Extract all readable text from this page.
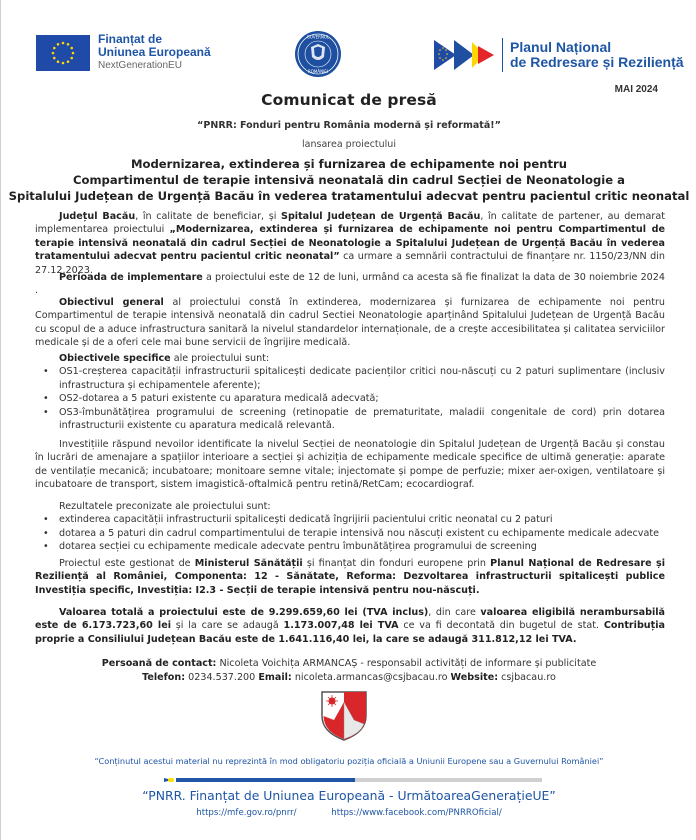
Finanțat de
Uniunea Europeană
NextGenerationEU
GUVERNUL
ROMÂNIEI
Planul Național
de Redresare și Reziliență
MAI 2024
Comunicat de presă
“PNRR: Fonduri pentru România modernă și reformată!”
lansarea proiectului
Modernizarea, extinderea și furnizarea de echipamente noi pentru
Compartimentul de terapie intensivă neonatală din cadrul Secției de Neonatologie a
Spitalului Județean de Urgență Bacău în vederea tratamentului adecvat pentru pacientul critic neonatal
Județul Bacău, în calitate de beneficiar, și Spitalul Județean de Urgență Bacău, în calitate de partener, au demarat implementarea proiectului „Modernizarea, extinderea și furnizarea de echipamente noi pentru Compartimentul de terapie intensivă neonatală din cadrul Secției de Neonatologie a Spitalului Județean de Urgență Bacău în vederea tratamentului adecvat pentru pacientul critic neonatal” ca urmare a semnării contractului de finanțare nr. 1150/23/NN din 27.12.2023.
Perioada de implementare a proiectului este de 12 de luni, urmând ca acesta să fie finalizat la data de 30 noiembrie 2024 .
Obiectivul general al proiectului constă în extinderea, modernizarea și furnizarea de echipamente noi pentru Compartimentul de terapie intensivă neonatală din cadrul Sectiei Neonatologie aparținând Spitalului Județean de Urgență Bacău cu scopul de a aduce infrastructura sanitară la nivelul standardelor internaționale, de a crește accesibilitatea și calitatea serviciilor medicale și de a oferi cele mai bune servicii de îngrijire medicală.
Obiectivele specifice ale proiectului sunt:
• OS1-creșterea capacității infrastructurii spitalicești dedicate pacienților critici nou-născuți cu 2 paturi suplimentare (inclusiv infrastructura și echipamentele aferente);
• OS2-dotarea a 5 paturi existente cu aparatura medicală adecvată;
• OS3-îmbunătățirea programului de screening (retinopatie de prematuritate, maladii congenitale de cord) prin dotarea infrastructurii existente cu aparatura medicală relevantă.
Investițiile răspund nevoilor identificate la nivelul Secției de neonatologie din Spitalul Județean de Urgență Bacău și constau în lucrări de amenajare a spațiilor interioare a secției și achiziția de echipamente medicale specifice de ultimă generație: aparate de ventilație mecanică; incubatoare; monitoare semne vitale; injectomate și pompe de perfuzie; mixer aer-oxigen, ventilatoare și incubatoare de transport, sistem imagistică-oftalmică pentru retină/RetCam; ecocardiograf.
Rezultatele preconizate ale proiectului sunt:
• extinderea capacității infrastructurii spitalicești dedicată îngrijirii pacientului critic neonatal cu 2 paturi
• dotarea a 5 paturi din cadrul compartimentului de terapie intensivă nou născuți existent cu echipamente medicale adecvate
• dotarea secției cu echipamente medicale adecvate pentru îmbunătățirea programului de screening
Proiectul este gestionat de Ministerul Sănătății și finanțat din fonduri europene prin Planul Național de Redresare și Reziliență al României, Componenta: 12 - Sănătate, Reforma: Dezvoltarea infrastructurii spitalicești publice Investiția specific, Investiția: I2.3 - Secții de terapie intensivă pentru nou-născuți.
Valoarea totală a proiectului este de 9.299.659,60 lei (TVA inclus), din care valoarea eligibilă nerambursabilă este de 6.173.723,60 lei și la care se adaugă 1.173.007,48 lei TVA ce va fi decontată din bugetul de stat. Contribuția proprie a Consiliului Județean Bacău este de 1.641.116,40 lei, la care se adaugă 311.812,12 lei TVA.
Persoană de contact: Nicoleta Voichița ARMANCAȘ - responsabil activități de informare și publicitate
Telefon: 0234.537.200 Email: nicoleta.armancas@csjbacau.ro Website: csjbacau.ro
“Conținutul acestui material nu reprezintă în mod obligatoriu poziția oficială a Uniunii Europene sau a Guvernului României”
“PNRR. Finanțat de Uniunea Europeană - UrmătoareaGenerațieUE”
https://mfe.gov.ro/pnrr/	https://www.facebook.com/PNRROficial/
